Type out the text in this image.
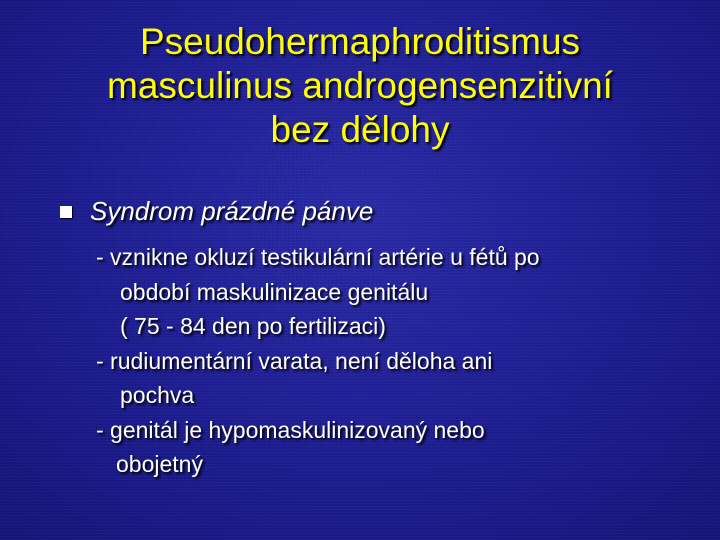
Pseudohermaphroditismus
masculinus androgensenzitivní
bez dělohy
Syndrom prázdné pánve
- vznikne okluzí testikulární artérie u fétů po
období maskulinizace genitálu
( 75 - 84 den po fertilizaci)
- rudiumentární varata, není děloha ani
pochva
- genitál je hypomaskulinizovaný nebo
obojetný
